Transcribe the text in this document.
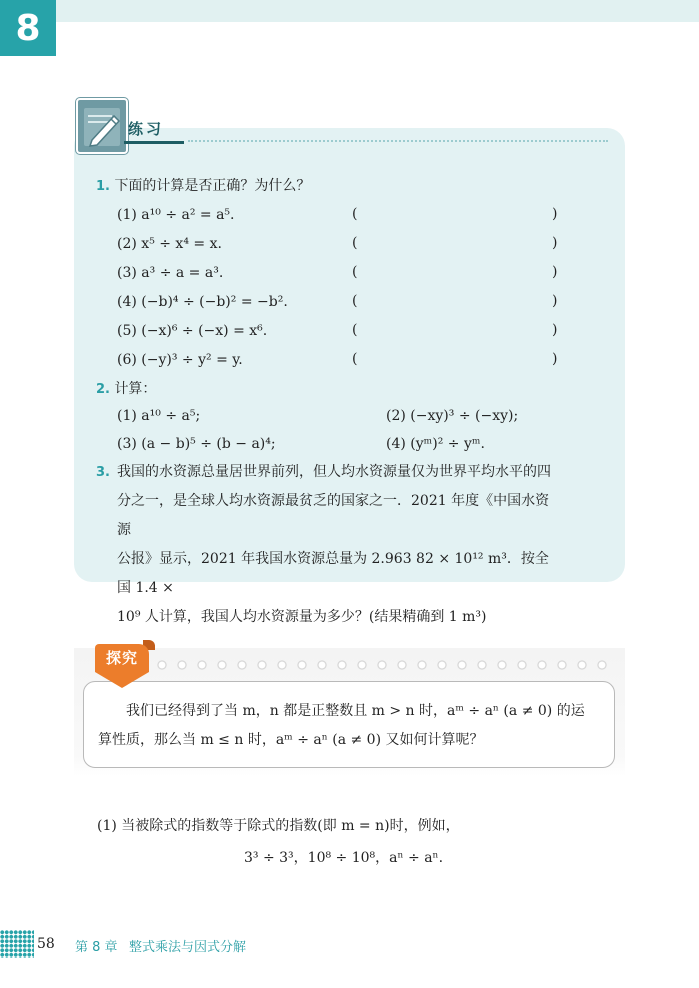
8
练习
1. 下面的计算是否正确？为什么？
(1) a¹⁰ ÷ a² = a⁵.	(	)
(2) x⁵ ÷ x⁴ = x.	(	)
(3) a³ ÷ a = a³.	(	)
(4) (−b)⁴ ÷ (−b)² = −b².	(	)
(5) (−x)⁶ ÷ (−x) = x⁶.	(	)
(6) (−y)³ ÷ y² = y.	(	)
2. 计算：
(1) a¹⁰ ÷ a⁵;	(2) (−xy)³ ÷ (−xy);
(3) (a − b)⁵ ÷ (b − a)⁴;	(4) (yᵐ)² ÷ yᵐ.
3. 我国的水资源总量居世界前列，但人均水资源量仅为世界平均水平的四
分之一，是全球人均水资源最贫乏的国家之一．2021 年度《中国水资源
公报》显示，2021 年我国水资源总量为 2.963 82 × 10¹² m³．按全国 1.4 ×
10⁹ 人计算，我国人均水资源量为多少？(结果精确到 1 m³)
探究
我们已经得到了当 m，n 都是正整数且 m > n 时，aᵐ ÷ aⁿ (a ≠ 0) 的运
算性质，那么当 m ≤ n 时，aᵐ ÷ aⁿ (a ≠ 0) 又如何计算呢？
(1) 当被除式的指数等于除式的指数(即 m = n)时，例如，
3³ ÷ 3³，10⁸ ÷ 10⁸，aⁿ ÷ aⁿ.
58 第 8 章 整式乘法与因式分解
